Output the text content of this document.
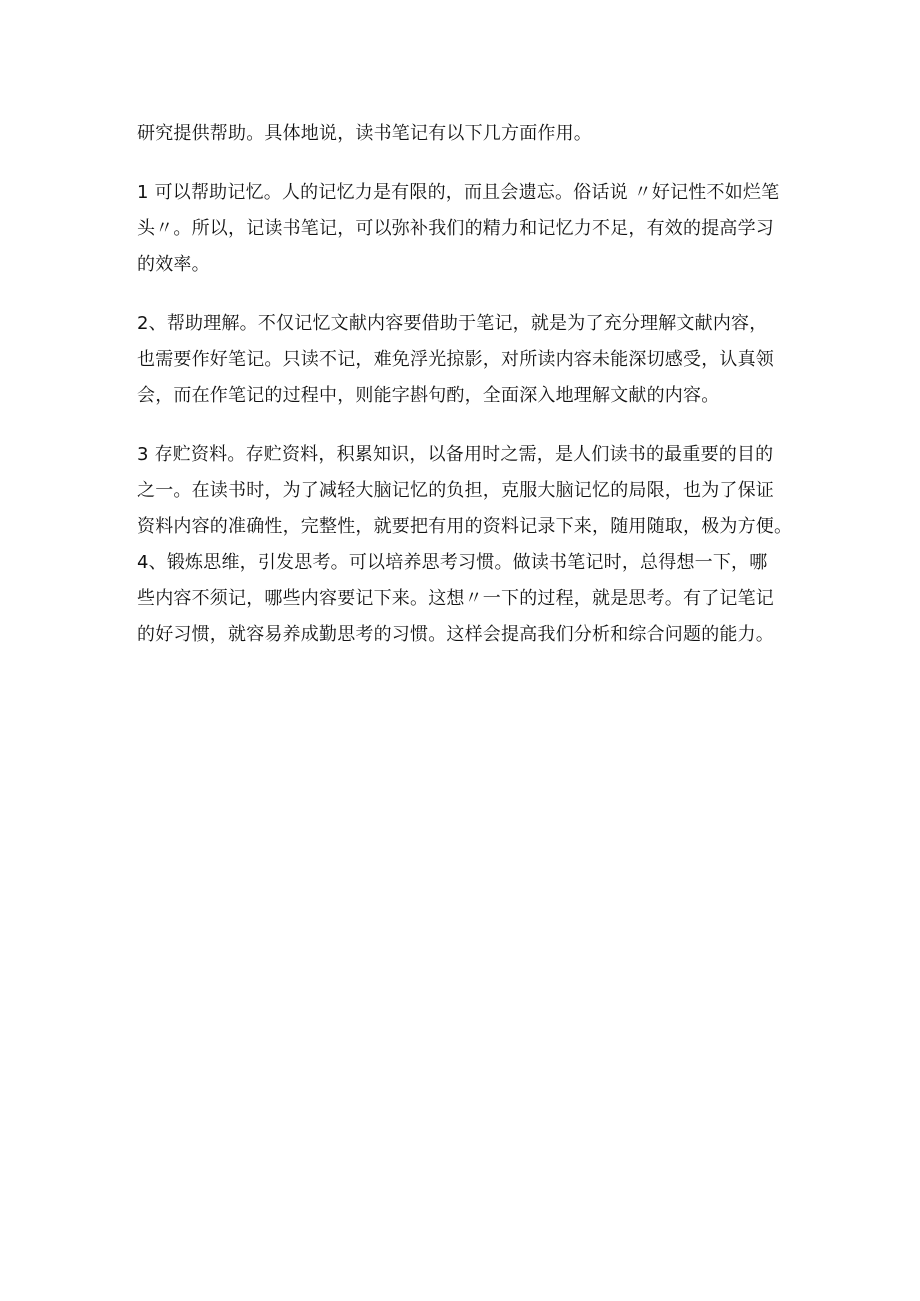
研究提供帮助。具体地说，读书笔记有以下几方面作用。
1 可以帮助记忆。人的记忆力是有限的，而且会遗忘。俗话说 〃好记性不如烂笔
头〃。所以，记读书笔记，可以弥补我们的精力和记忆力不足，有效的提高学习
的效率。
2、帮助理解。不仅记忆文献内容要借助于笔记，就是为了充分理解文献内容，
也需要作好笔记。只读不记，难免浮光掠影，对所读内容未能深切感受，认真领
会，而在作笔记的过程中，则能字斟句酌，全面深入地理解文献的内容。
3 存贮资料。存贮资料，积累知识，以备用时之需，是人们读书的最重要的目的
之一。在读书时，为了减轻大脑记忆的负担，克服大脑记忆的局限，也为了保证
资料内容的准确性，完整性，就要把有用的资料记录下来，随用随取，极为方便。
4、锻炼思维，引发思考。可以培养思考习惯。做读书笔记时，总得想一下，哪
些内容不须记，哪些内容要记下来。这想〃一下的过程，就是思考。有了记笔记
的好习惯，就容易养成勤思考的习惯。这样会提高我们分析和综合问题的能力。
